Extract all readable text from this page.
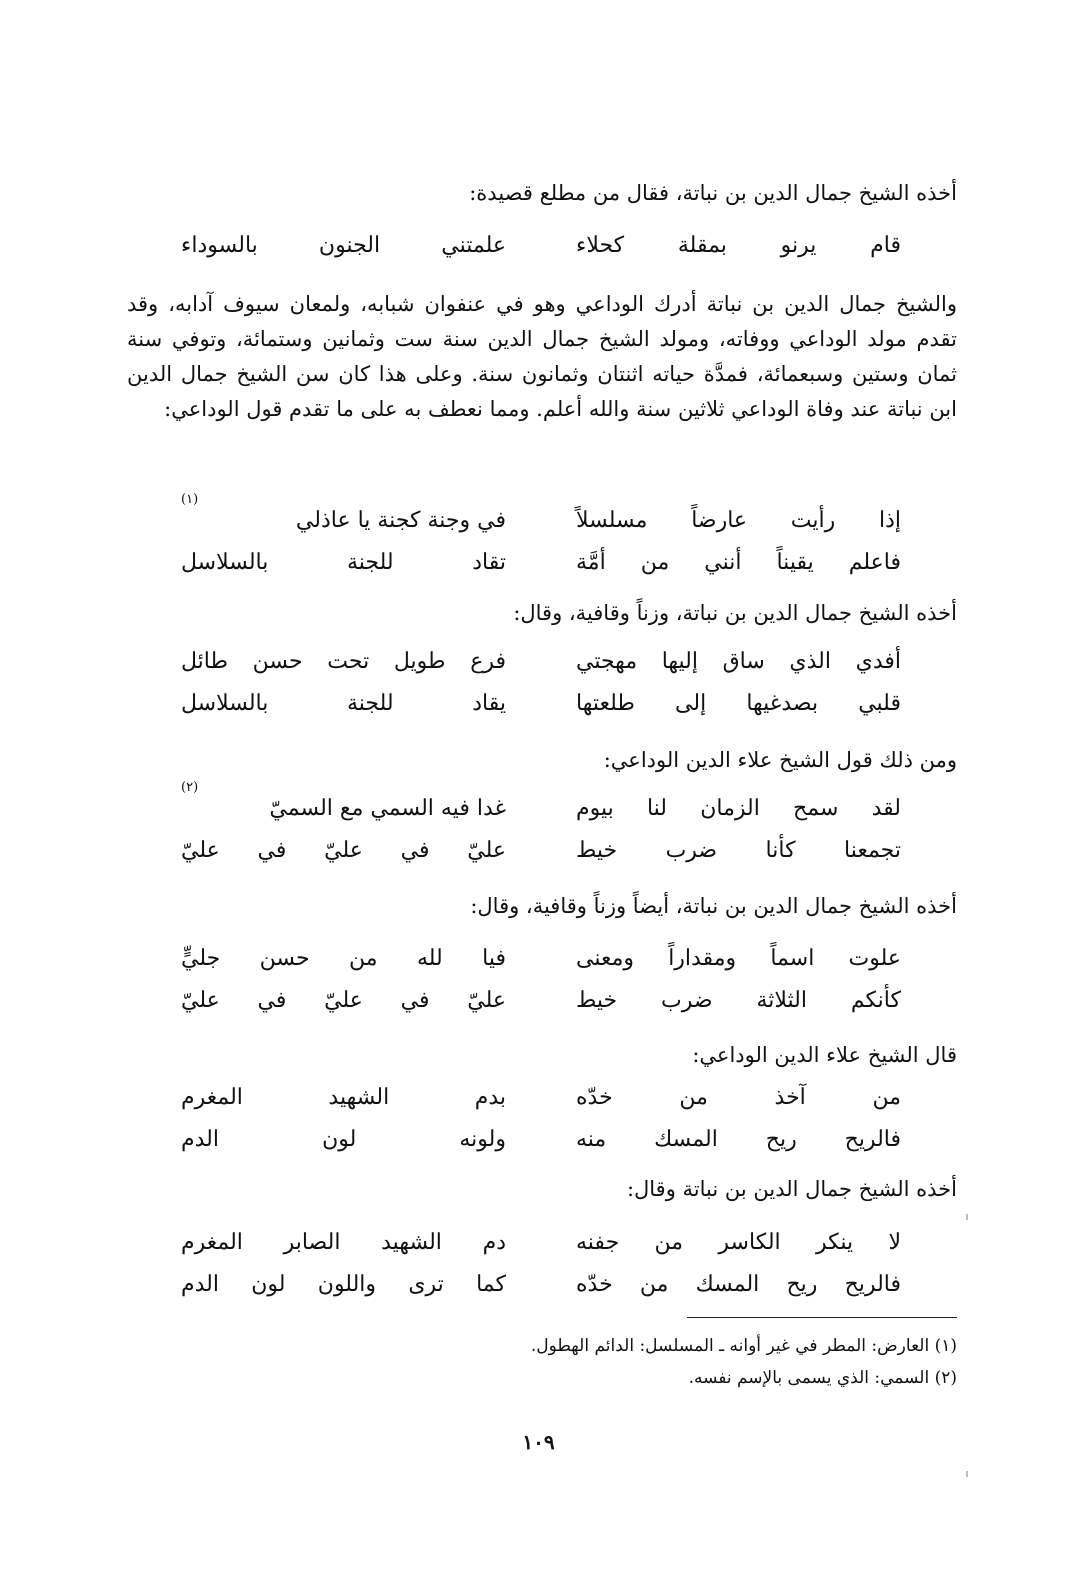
أخذه الشيخ جمال الدين بن نباتة، فقال من مطلع قصيدة:
قام يرنو بمقلة كحلاء
علمتني الجنون بالسوداء
والشيخ جمال الدين بن نباتة أدرك الوداعي وهو في عنفوان شبابه، ولمعان سيوف آدابه، وقد تقدم مولد الوداعي ووفاته، ومولد الشيخ جمال الدين سنة ست وثمانين وستمائة، وتوفي سنة ثمان وستين وسبعمائة، فمدَّة حياته اثنتان وثمانون سنة. وعلى هذا كان سن الشيخ جمال الدين ابن نباتة عند وفاة الوداعي ثلاثين سنة والله أعلم. ومما نعطف به على ما تقدم قول الوداعي:
إذا رأيت عارضاً مسلسلاً
في وجنة كجنة يا عاذلي
(١)
فاعلم يقيناً أنني من أمَّة
تقاد للجنة بالسلاسل
أخذه الشيخ جمال الدين بن نباتة، وزناً وقافية، وقال:
أفدي الذي ساق إليها مهجتي
فرع طويل تحت حسن طائل
قلبي بصدغيها إلى طلعتها
يقاد للجنة بالسلاسل
ومن ذلك قول الشيخ علاء الدين الوداعي:
لقد سمح الزمان لنا بيوم
غدا فيه السمي مع السميّ
(٢)
تجمعنا كأنا ضرب خيط
عليّ في عليّ في عليّ
أخذه الشيخ جمال الدين بن نباتة، أيضاً وزناً وقافية، وقال:
علوت اسماً ومقداراً ومعنى
فيا لله من حسن جليٍّ
كأنكم الثلاثة ضرب خيط
عليّ في عليّ في عليّ
قال الشيخ علاء الدين الوداعي:
من آخذ من خدّه
بدم الشهيد المغرم
فالريح ريح المسك منه
ولونه لون الدم
أخذه الشيخ جمال الدين بن نباتة وقال:
لا ينكر الكاسر من جفنه
دم الشهيد الصابر المغرم
فالريح ريح المسك من خدّه
كما ترى واللون لون الدم
(١) العارض: المطر في غير أوانه ـ المسلسل: الدائم الهطول.
(٢) السمي: الذي يسمى بالإسم نفسه.
١٠٩
